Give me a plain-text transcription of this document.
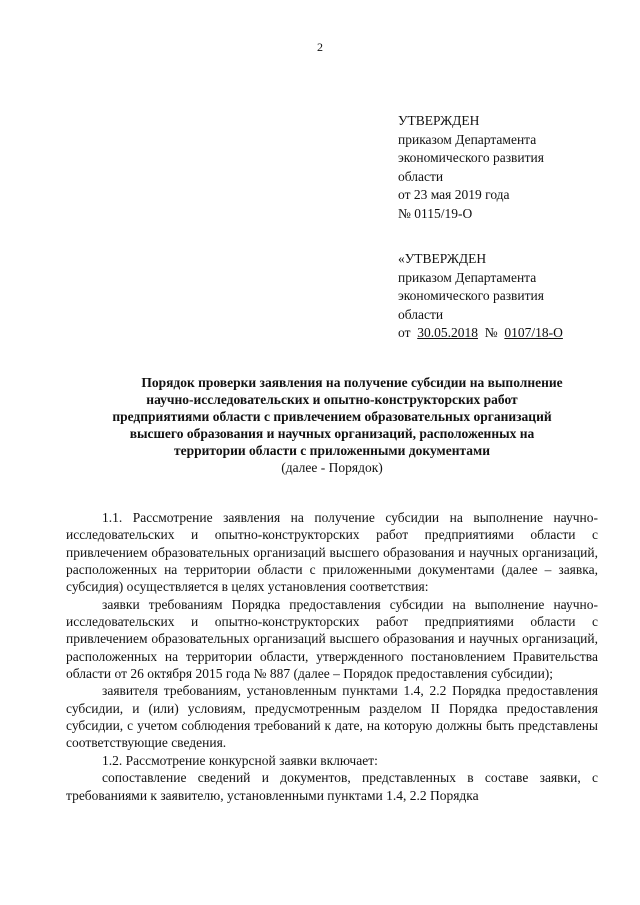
2
УТВЕРЖДЕН
приказом Департамента
экономического развития
области
от 23 мая 2019 года
№ 0115/19-О
«УТВЕРЖДЕН
приказом Департамента
экономического развития
области
от 30.05.2018 № 0107/18-О
Порядок проверки заявления на получение субсидии на выполнение
научно-исследовательских и опытно-конструкторских работ
предприятиями области с привлечением образовательных организаций
высшего образования и научных организаций, расположенных на
территории области с приложенными документами
(далее - Порядок)

1.1. Рассмотрение заявления на получение субсидии на выполнение научно-исследовательских и опытно-конструкторских работ предприятиями области с привлечением образовательных организаций высшего образования и научных организаций, расположенных на территории области с приложенными документами (далее – заявка, субсидия) осуществляется в целях установления соответствия:

заявки требованиям Порядка предоставления субсидии на выполнение научно-исследовательских и опытно-конструкторских работ предприятиями области с привлечением образовательных организаций высшего образования и научных организаций, расположенных на территории области, утвержденного постановлением Правительства области от 26 октября 2015 года № 887 (далее – Порядок предоставления субсидии);

заявителя требованиям, установленным пунктами 1.4, 2.2 Порядка предоставления субсидии, и (или) условиям, предусмотренным разделом II Порядка предоставления субсидии, с учетом соблюдения требований к дате, на которую должны быть представлены соответствующие сведения.

1.2. Рассмотрение конкурсной заявки включает:

сопоставление сведений и документов, представленных в составе заявки, с требованиями к заявителю, установленными пунктами 1.4, 2.2 Порядка
